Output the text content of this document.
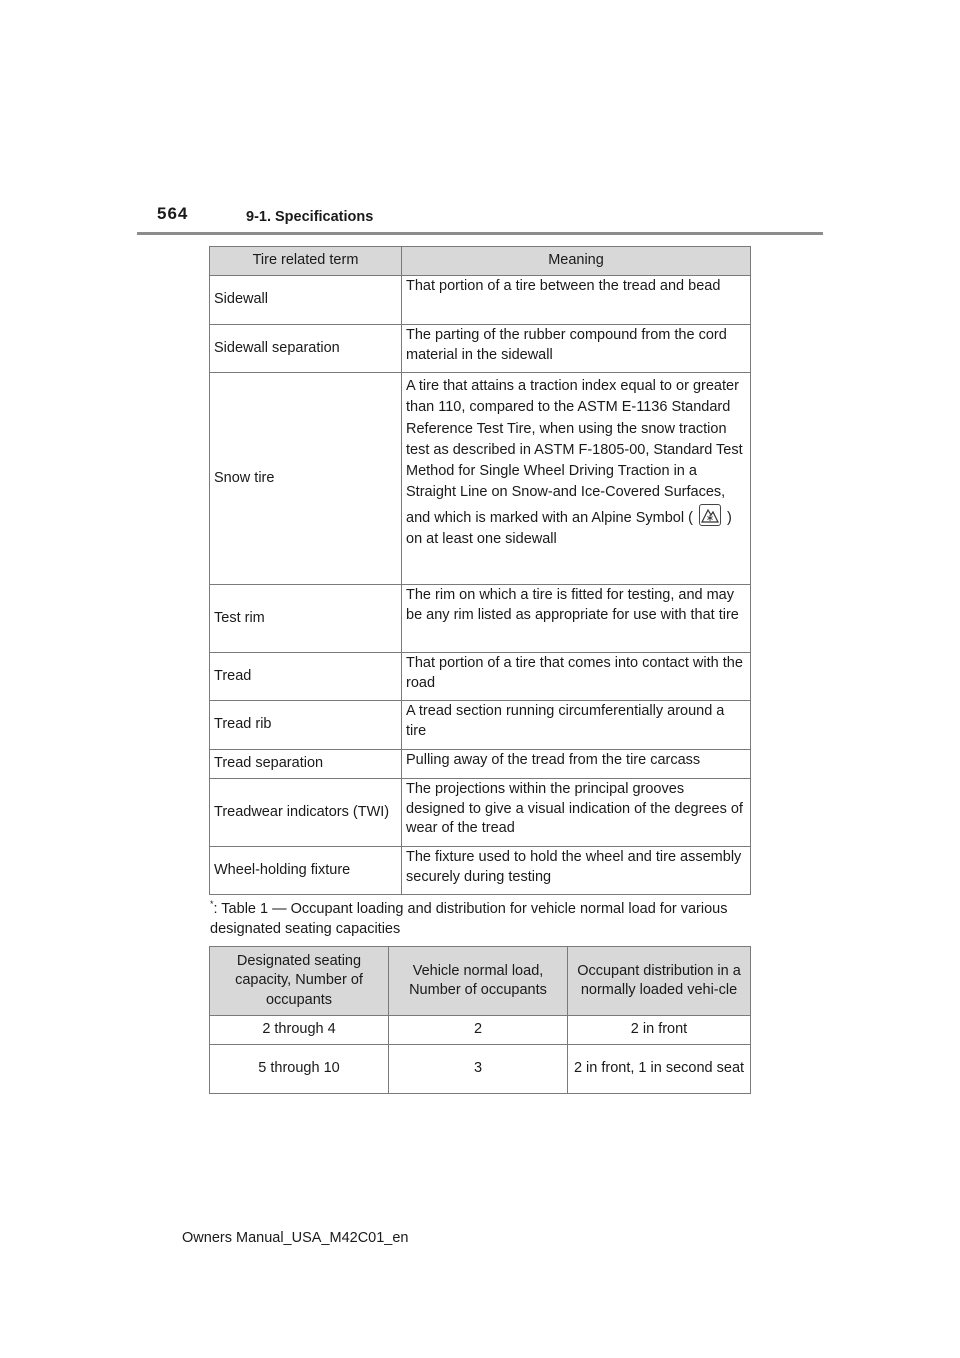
564	9-1. Specifications
Tire related term	Meaning
Sidewall	That portion of a tire between the tread and bead
Sidewall separation	The parting of the rubber compound from the cord material in the sidewall
Snow tire	A tire that attains a traction index equal to or greater than 110, compared to the ASTM E-1136 Standard Reference Test Tire, when using the snow traction test as described in ASTM F-1805-00, Standard Test Method for Single Wheel Driving Traction in a Straight Line on Snow-and Ice-Covered Surfaces, and which is marked with an Alpine Symbol ( ) on at least one sidewall
Test rim	The rim on which a tire is fitted for testing, and may be any rim listed as appropriate for use with that tire
Tread	That portion of a tire that comes into contact with the road
Tread rib	A tread section running circumferentially around a tire
Tread separation	Pulling away of the tread from the tire carcass
Treadwear indicators (TWI)	The projections within the principal grooves designed to give a visual indication of the degrees of wear of the tread
Wheel-holding fixture	The fixture used to hold the wheel and tire assembly securely during testing
*: Table 1 — Occupant loading and distribution for vehicle normal load for various designated seating capacities
Designated seating capacity, Number of occupants	Vehicle normal load, Number of occupants	Occupant distribution in a normally loaded vehi-cle
2 through 4	2	2 in front
5 through 10	3	2 in front, 1 in second seat
Owners Manual_USA_M42C01_en
